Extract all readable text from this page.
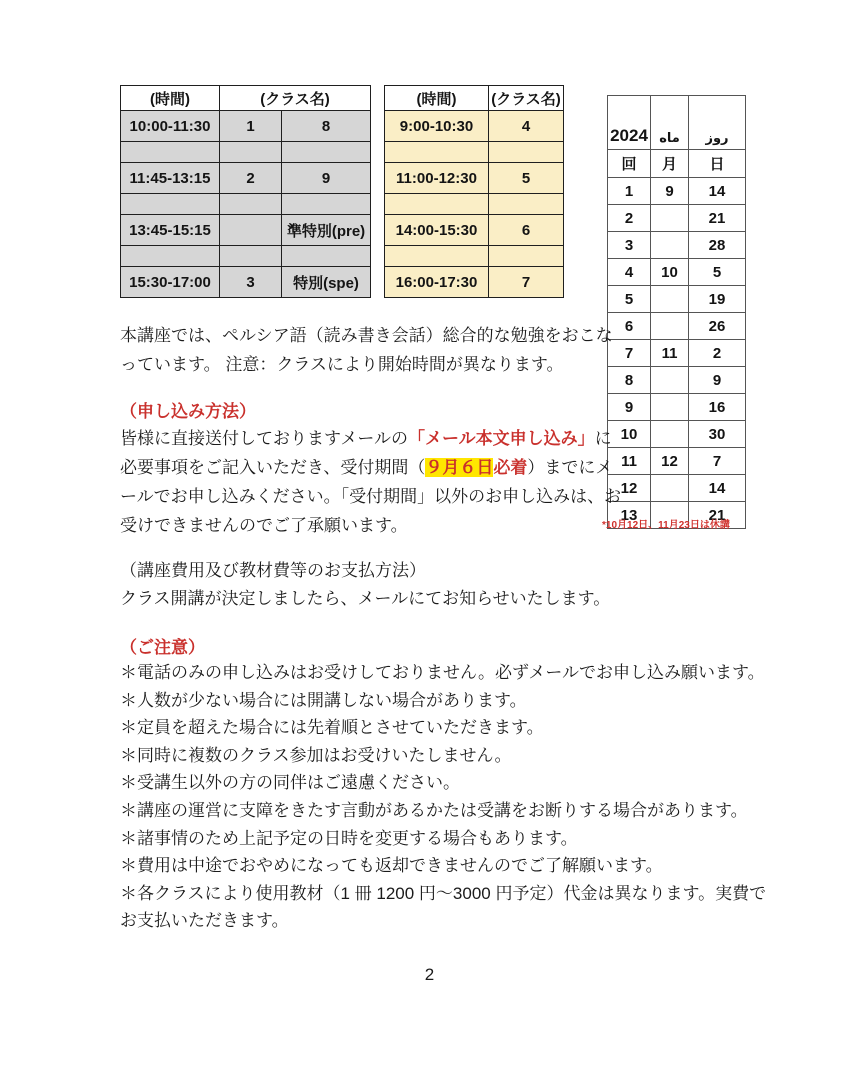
(時間)	(クラス名)	
10:00-11:30	1	8

11:45-13:15	2	9

13:45-15:15		準特別(pre)

15:30-17:00	3	特別(spe)
(時間)	(クラス名)
9:00-10:30	4

11:00-12:30	5

14:00-15:30	6

16:00-17:30	7
2024	ماه	روز
回	月	日
1	9	14
2		21
3		28
4	10	5
5		19
6		26
7	11	2
8		9
9		16
10		30
11	12	7
12		14
13		21
*10月12日、11月23日は休講
本講座では、ペルシア語（読み書き会話）総合的な勉強をおこなっています。 注意：クラスにより開始時間が異なります。
（申し込み方法）
皆様に直接送付しておりますメールの「メール本文申し込み」に必要事項をご記入いただき、受付期間（９月６日必着）までにメールでお申し込みください。「受付期間」以外のお申し込みは、お受けできませんのでご了承願います。
（講座費用及び教材費等のお支払方法）
クラス開講が決定しましたら、メールにてお知らせいたします。
（ご注意）
＊電話のみの申し込みはお受けしておりません。必ずメールでお申し込み願います。
＊人数が少ない場合には開講しない場合があります。
＊定員を超えた場合には先着順とさせていただきます。
＊同時に複数のクラス参加はお受けいたしません。
＊受講生以外の方の同伴はご遠慮ください。
＊講座の運営に支障をきたす言動があるかたは受講をお断りする場合があります。
＊諸事情のため上記予定の日時を変更する場合もあります。
＊費用は中途でおやめになっても返却できませんのでご了解願います。
＊各クラスにより使用教材（1 冊 1200 円～3000 円予定）代金は異なります。実費でお支払いただきます。
2
